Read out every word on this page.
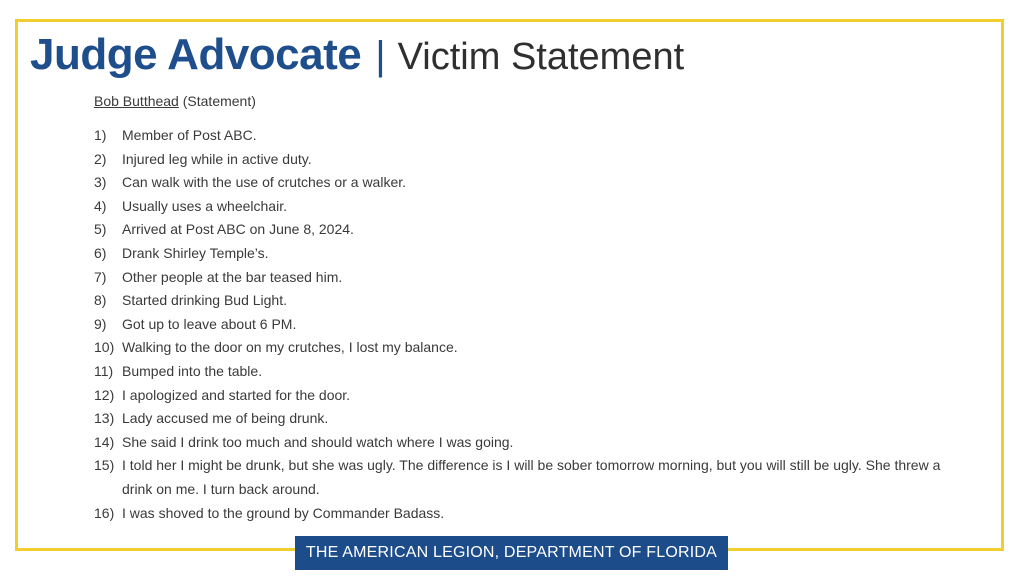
Judge Advocate | Victim Statement
Bob Butthead (Statement)
1)	Member of Post ABC.
2)	Injured leg while in active duty.
3)	Can walk with the use of crutches or a walker.
4)	Usually uses a wheelchair.
5)	Arrived at Post ABC on June 8, 2024.
6)	Drank Shirley Temple’s.
7)	Other people at the bar teased him.
8)	Started drinking Bud Light.
9)	Got up to leave about 6 PM.
10) Walking to the door on my crutches, I lost my balance.
11) Bumped into the table.
12) I apologized and started for the door.
13) Lady accused me of being drunk.
14) She said I drink too much and should watch where I was going.
15) I told her I might be drunk, but she was ugly. The difference is I will be sober tomorrow morning, but you will still be ugly. She threw a drink on me. I turn back around.
16) I was shoved to the ground by Commander Badass.
THE AMERICAN LEGION, DEPARTMENT OF FLORIDA
